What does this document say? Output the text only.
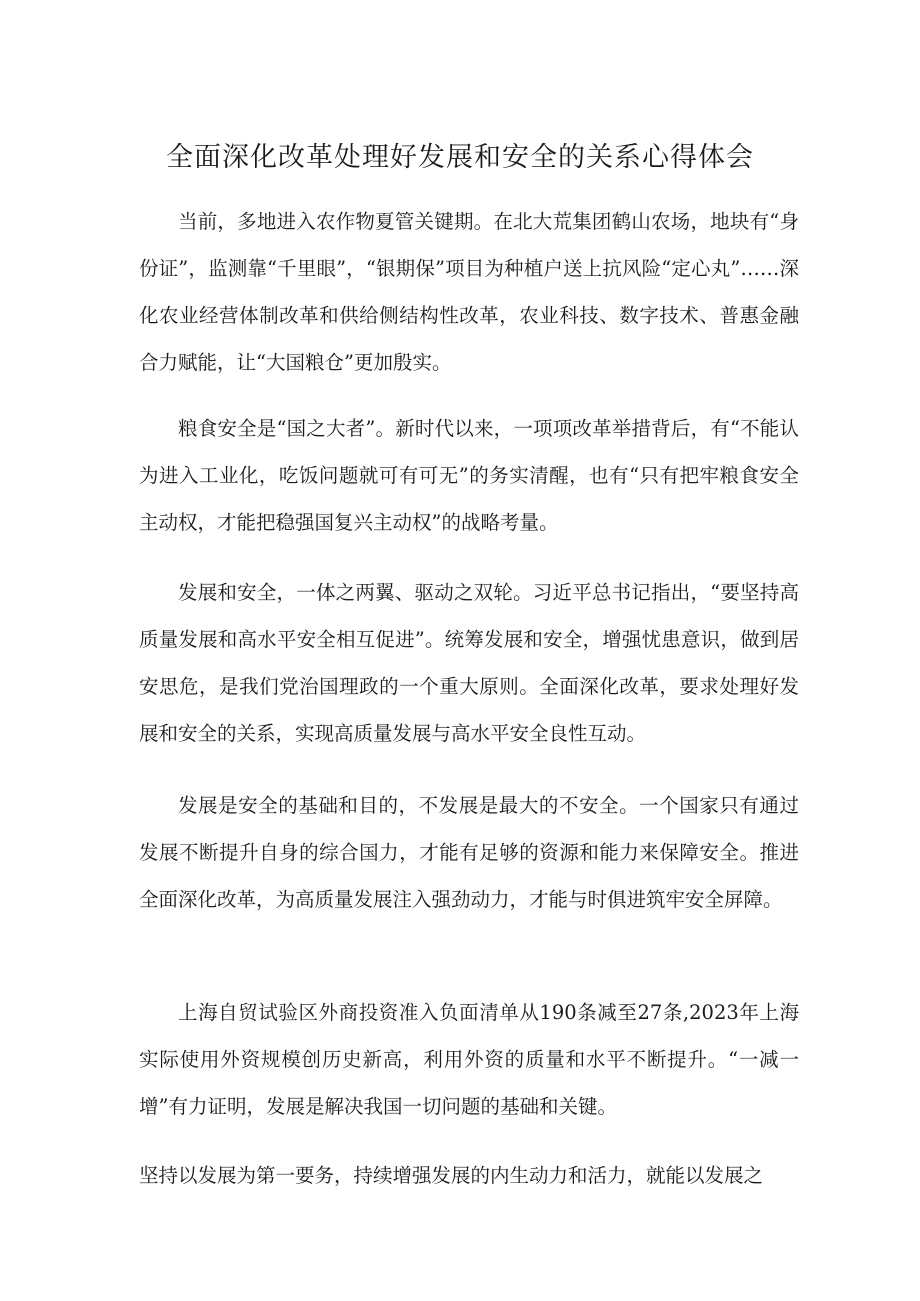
全面深化改革处理好发展和安全的关系心得体会

当前，多地进入农作物夏管关键期。在北大荒集团鹤山农场，地块有“身份证”，监测靠“千里眼”，“银期保”项目为种植户送上抗风险“定心丸”……深化农业经营体制改革和供给侧结构性改革，农业科技、数字技术、普惠金融合力赋能，让“大国粮仓”更加殷实。

粮食安全是“国之大者”。新时代以来，一项项改革举措背后，有“不能认为进入工业化，吃饭问题就可有可无”的务实清醒，也有“只有把牢粮食安全主动权，才能把稳强国复兴主动权”的战略考量。

发展和安全，一体之两翼、驱动之双轮。习近平总书记指出，“要坚持高质量发展和高水平安全相互促进”。统筹发展和安全，增强忧患意识，做到居安思危，是我们党治国理政的一个重大原则。全面深化改革，要求处理好发展和安全的关系，实现高质量发展与高水平安全良性互动。

发展是安全的基础和目的，不发展是最大的不安全。一个国家只有通过发展不断提升自身的综合国力，才能有足够的资源和能力来保障安全。推进全面深化改革，为高质量发展注入强劲动力，才能与时俱进筑牢安全屏障。

上海自贸试验区外商投资准入负面清单从190条减至27条,2023年上海实际使用外资规模创历史新高，利用外资的质量和水平不断提升。“一减一增”有力证明，发展是解决我国一切问题的基础和关键。

坚持以发展为第一要务，持续增强发展的内生动力和活力，就能以发展之
